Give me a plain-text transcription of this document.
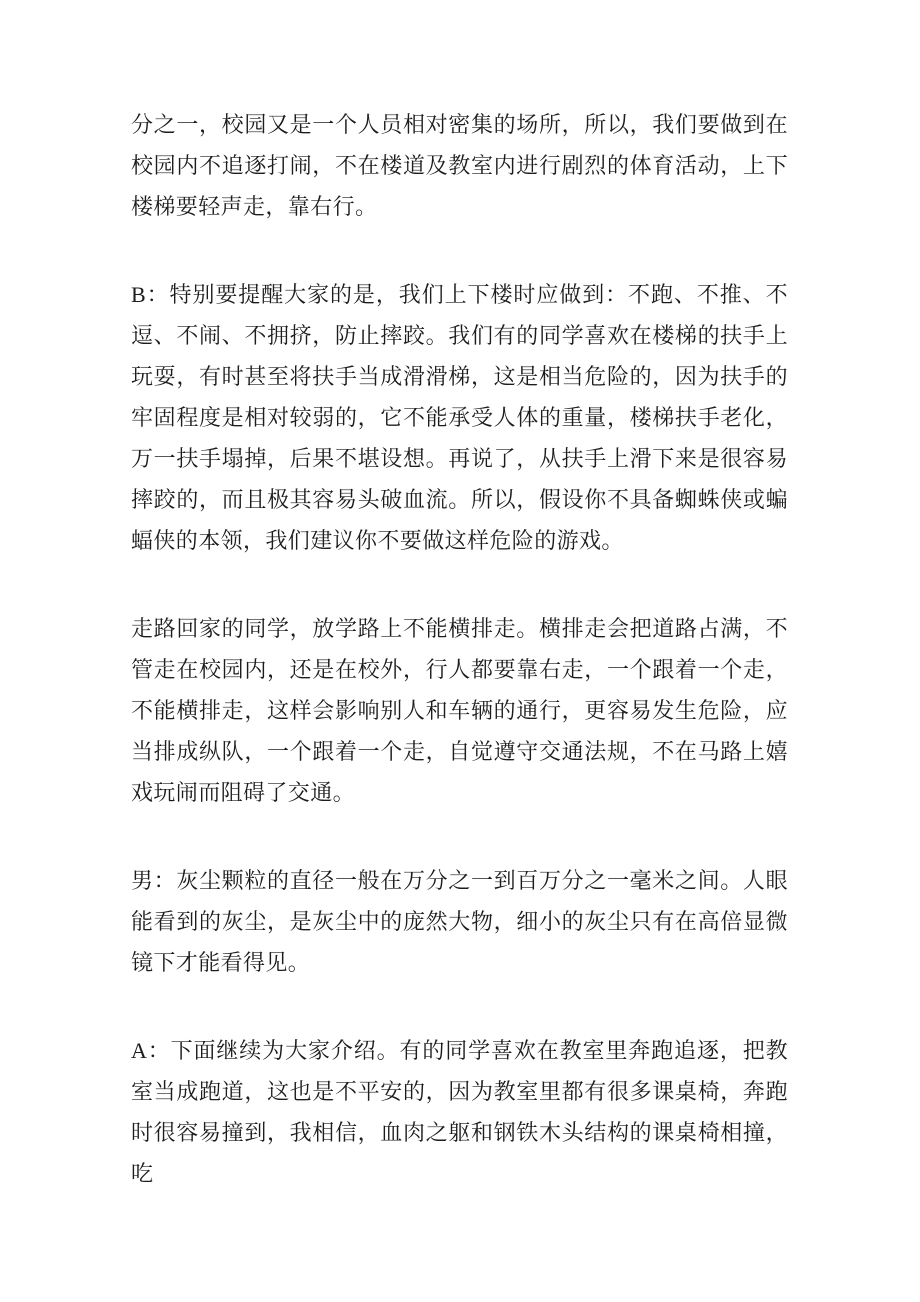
分之一，校园又是一个人员相对密集的场所，所以，我们要做到在校园内不追逐打闹，不在楼道及教室内进行剧烈的体育活动，上下楼梯要轻声走，靠右行。

B：特别要提醒大家的是，我们上下楼时应做到：不跑、不推、不逗、不闹、不拥挤，防止摔跤。我们有的同学喜欢在楼梯的扶手上玩耍，有时甚至将扶手当成滑滑梯，这是相当危险的，因为扶手的牢固程度是相对较弱的，它不能承受人体的重量，楼梯扶手老化，万一扶手塌掉，后果不堪设想。再说了，从扶手上滑下来是很容易摔跤的，而且极其容易头破血流。所以，假设你不具备蜘蛛侠或蝙蝠侠的本领，我们建议你不要做这样危险的游戏。

走路回家的同学，放学路上不能横排走。横排走会把道路占满，不管走在校园内，还是在校外，行人都要靠右走，一个跟着一个走，不能横排走，这样会影响别人和车辆的通行，更容易发生危险，应当排成纵队，一个跟着一个走，自觉遵守交通法规，不在马路上嬉戏玩闹而阻碍了交通。

男：灰尘颗粒的直径一般在万分之一到百万分之一毫米之间。人眼能看到的灰尘，是灰尘中的庞然大物，细小的灰尘只有在高倍显微镜下才能看得见。

A：下面继续为大家介绍。有的同学喜欢在教室里奔跑追逐，把教室当成跑道，这也是不平安的，因为教室里都有很多课桌椅，奔跑时很容易撞到，我相信，血肉之躯和钢铁木头结构的课桌椅相撞，吃
